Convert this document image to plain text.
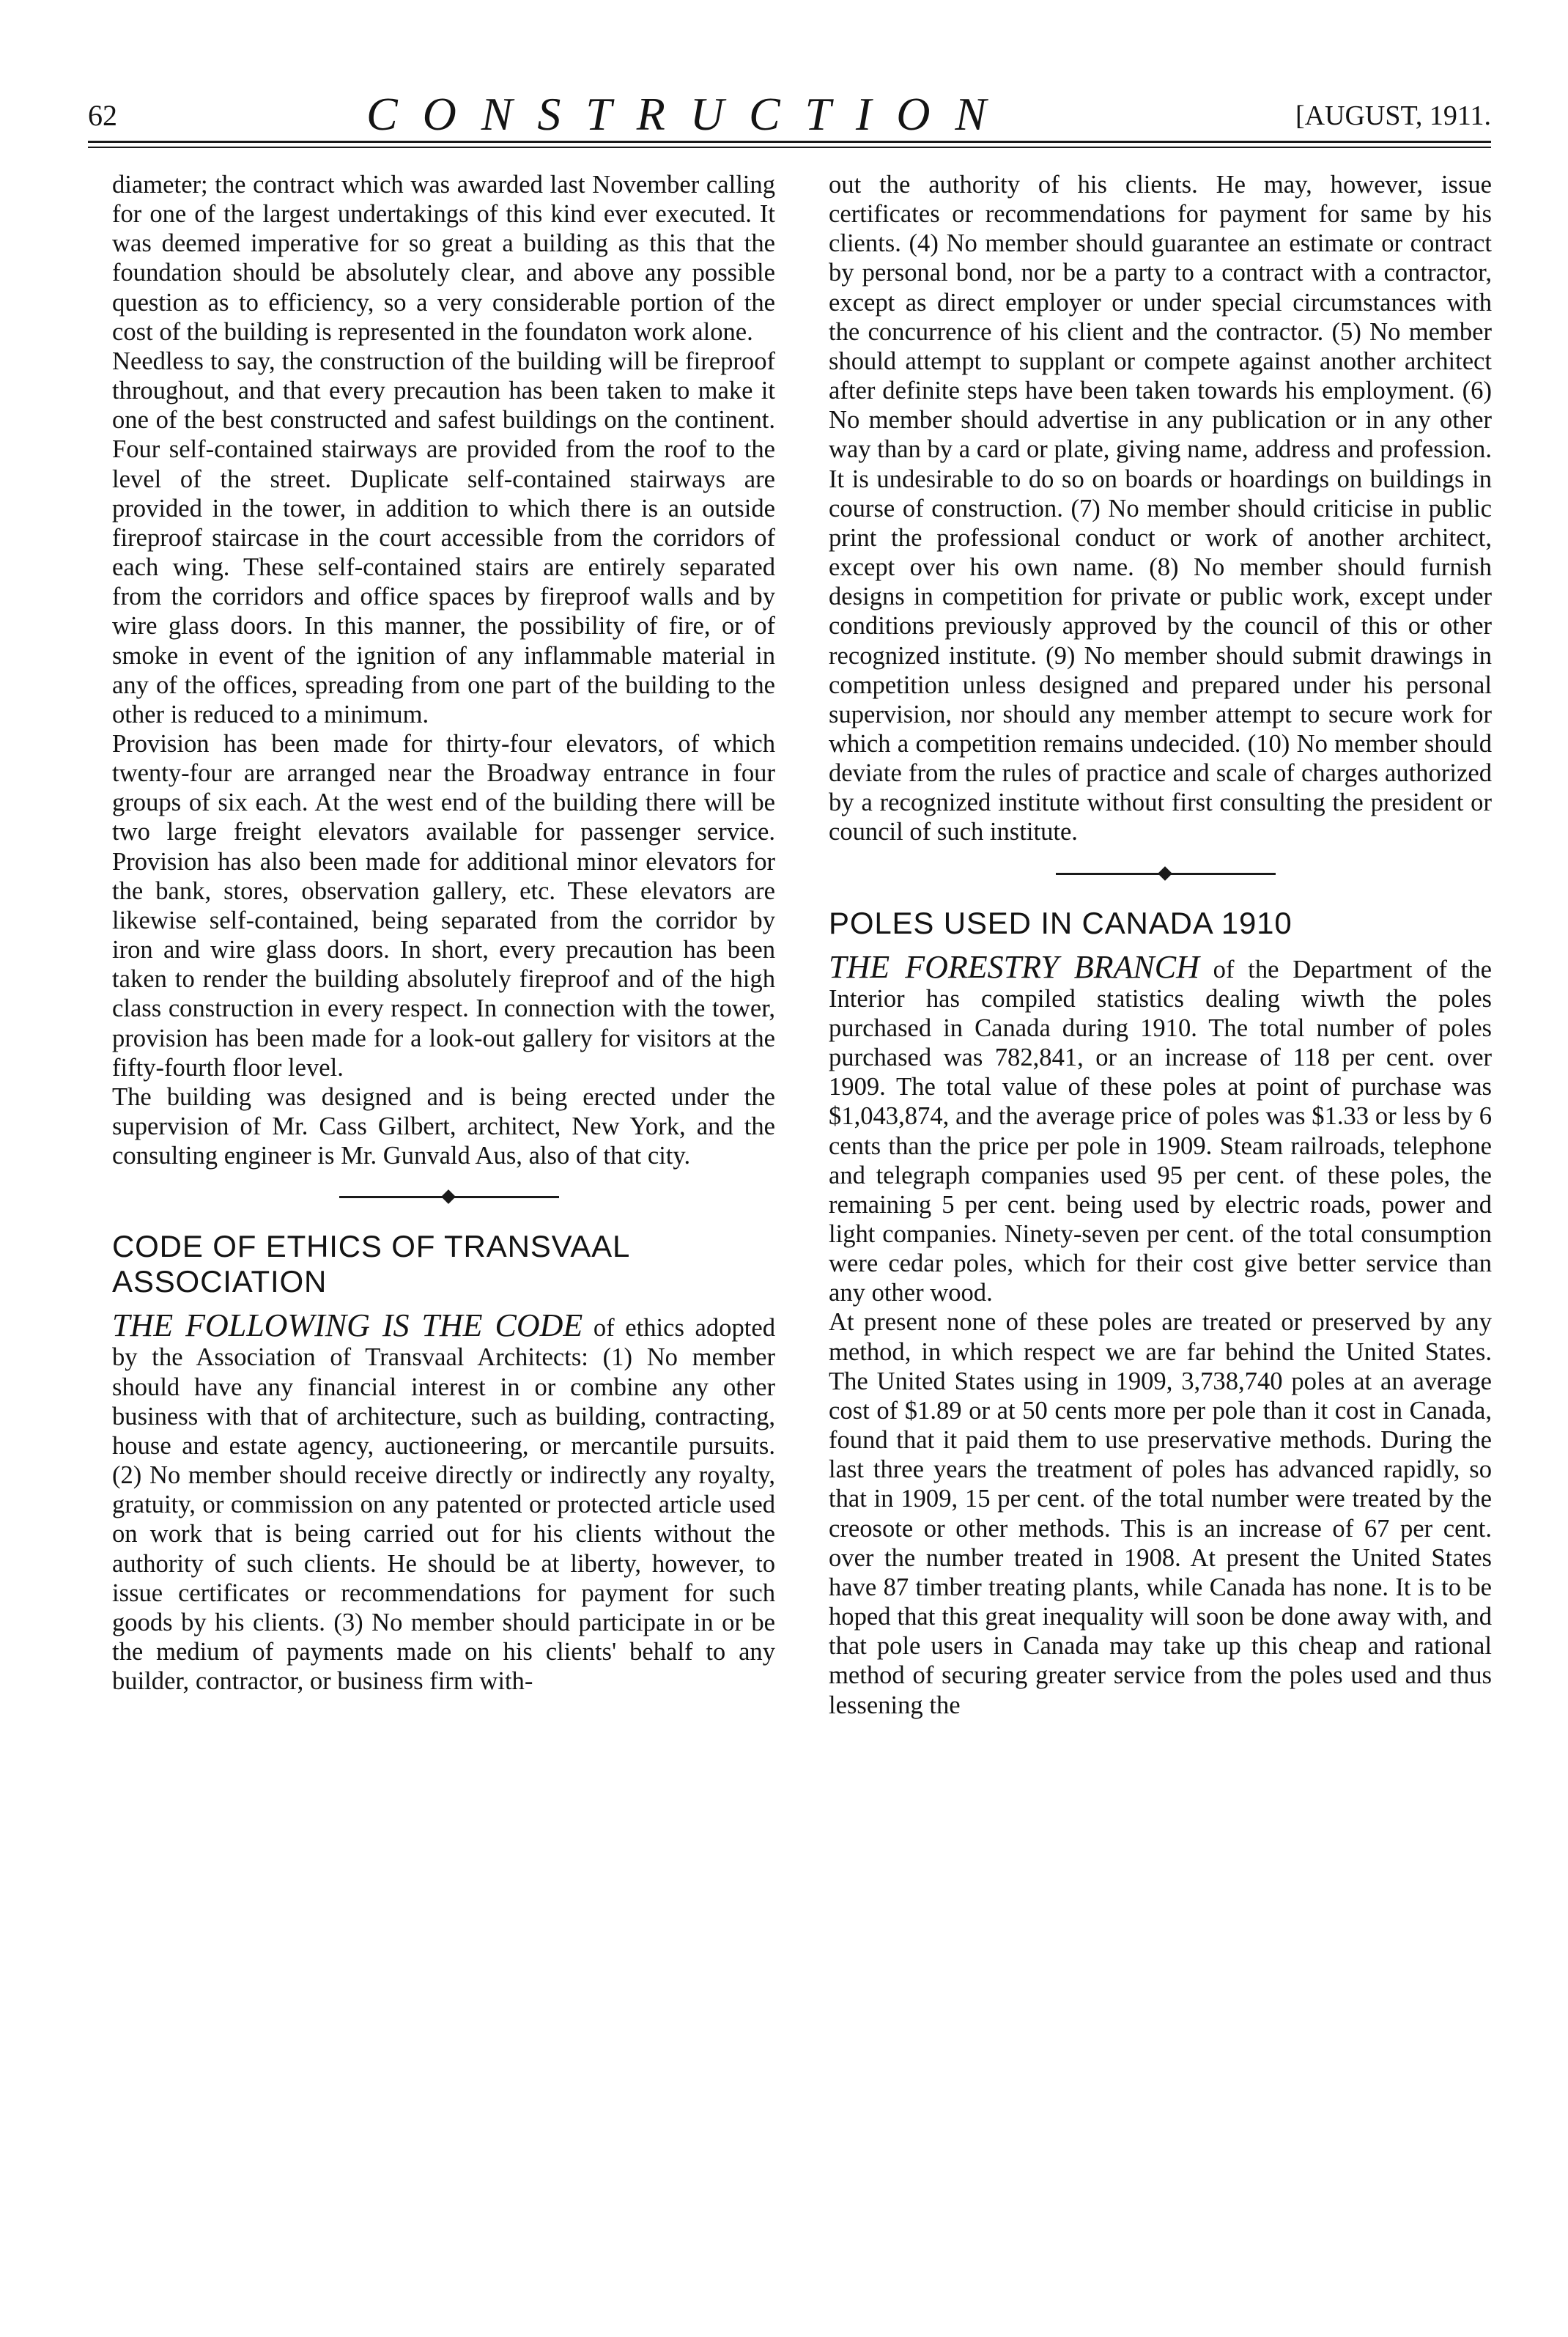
62	CONSTRUCTION	[AUGUST, 1911.

diameter; the contract which was awarded last November calling for one of the largest undertakings of this kind ever executed. It was deemed imperative for so great a building as this that the foundation should be absolutely clear, and above any possible question as to efficiency, so a very considerable portion of the cost of the building is represented in the foundaton work alone.

Needless to say, the construction of the building will be fireproof throughout, and that every precaution has been taken to make it one of the best constructed and safest buildings on the continent. Four self-contained stairways are provided from the roof to the level of the street. Duplicate self-contained stairways are provided in the tower, in addition to which there is an outside fireproof staircase in the court accessible from the corridors of each wing. These self-contained stairs are entirely separated from the corridors and office spaces by fireproof walls and by wire glass doors. In this manner, the possibility of fire, or of smoke in event of the ignition of any inflammable material in any of the offices, spreading from one part of the building to the other is reduced to a minimum.

Provision has been made for thirty-four elevators, of which twenty-four are arranged near the Broadway entrance in four groups of six each. At the west end of the building there will be two large freight elevators available for passenger service. Provision has also been made for additional minor elevators for the bank, stores, observation gallery, etc. These elevators are likewise self-contained, being separated from the corridor by iron and wire glass doors. In short, every precaution has been taken to render the building absolutely fireproof and of the high class construction in every respect. In connection with the tower, provision has been made for a look-out gallery for visitors at the fifty-fourth floor level.

The building was designed and is being erected under the supervision of Mr. Cass Gilbert, architect, New York, and the consulting engineer is Mr. Gunvald Aus, also of that city.

CODE OF ETHICS OF TRANSVAAL ASSOCIATION

THE FOLLOWING IS THE CODE of ethics adopted by the Association of Transvaal Architects: (1) No member should have any financial interest in or combine any other business with that of architecture, such as building, contracting, house and estate agency, auctioneering, or mercantile pursuits. (2) No member should receive directly or indirectly any royalty, gratuity, or commission on any patented or protected article used on work that is being carried out for his clients without the authority of such clients. He should be at liberty, however, to issue certificates or recommendations for payment for such goods by his clients. (3) No member should participate in or be the medium of payments made on his clients' behalf to any builder, contractor, or business firm with-

out the authority of his clients. He may, however, issue certificates or recommendations for payment for same by his clients. (4) No member should guarantee an estimate or contract by personal bond, nor be a party to a contract with a contractor, except as direct employer or under special circumstances with the concurrence of his client and the contractor. (5) No member should attempt to supplant or compete against another architect after definite steps have been taken towards his employment. (6) No member should advertise in any publication or in any other way than by a card or plate, giving name, address and profession. It is undesirable to do so on boards or hoardings on buildings in course of construction. (7) No member should criticise in public print the professional conduct or work of another architect, except over his own name. (8) No member should furnish designs in competition for private or public work, except under conditions previously approved by the council of this or other recognized institute. (9) No member should submit drawings in competition unless designed and prepared under his personal supervision, nor should any member attempt to secure work for which a competition remains undecided. (10) No member should deviate from the rules of practice and scale of charges authorized by a recognized institute without first consulting the president or council of such institute.

POLES USED IN CANADA 1910

THE FORESTRY BRANCH of the Department of the Interior has compiled statistics dealing wiwth the poles purchased in Canada during 1910. The total number of poles purchased was 782,841, or an increase of 118 per cent. over 1909. The total value of these poles at point of purchase was $1,043,874, and the average price of poles was $1.33 or less by 6 cents than the price per pole in 1909. Steam railroads, telephone and telegraph companies used 95 per cent. of these poles, the remaining 5 per cent. being used by electric roads, power and light companies. Ninety-seven per cent. of the total consumption were cedar poles, which for their cost give better service than any other wood.

At present none of these poles are treated or preserved by any method, in which respect we are far behind the United States. The United States using in 1909, 3,738,740 poles at an average cost of $1.89 or at 50 cents more per pole than it cost in Canada, found that it paid them to use preservative methods. During the last three years the treatment of poles has advanced rapidly, so that in 1909, 15 per cent. of the total number were treated by the creosote or other methods. This is an increase of 67 per cent. over the number treated in 1908. At present the United States have 87 timber treating plants, while Canada has none. It is to be hoped that this great inequality will soon be done away with, and that pole users in Canada may take up this cheap and rational method of securing greater service from the poles used and thus lessening the
